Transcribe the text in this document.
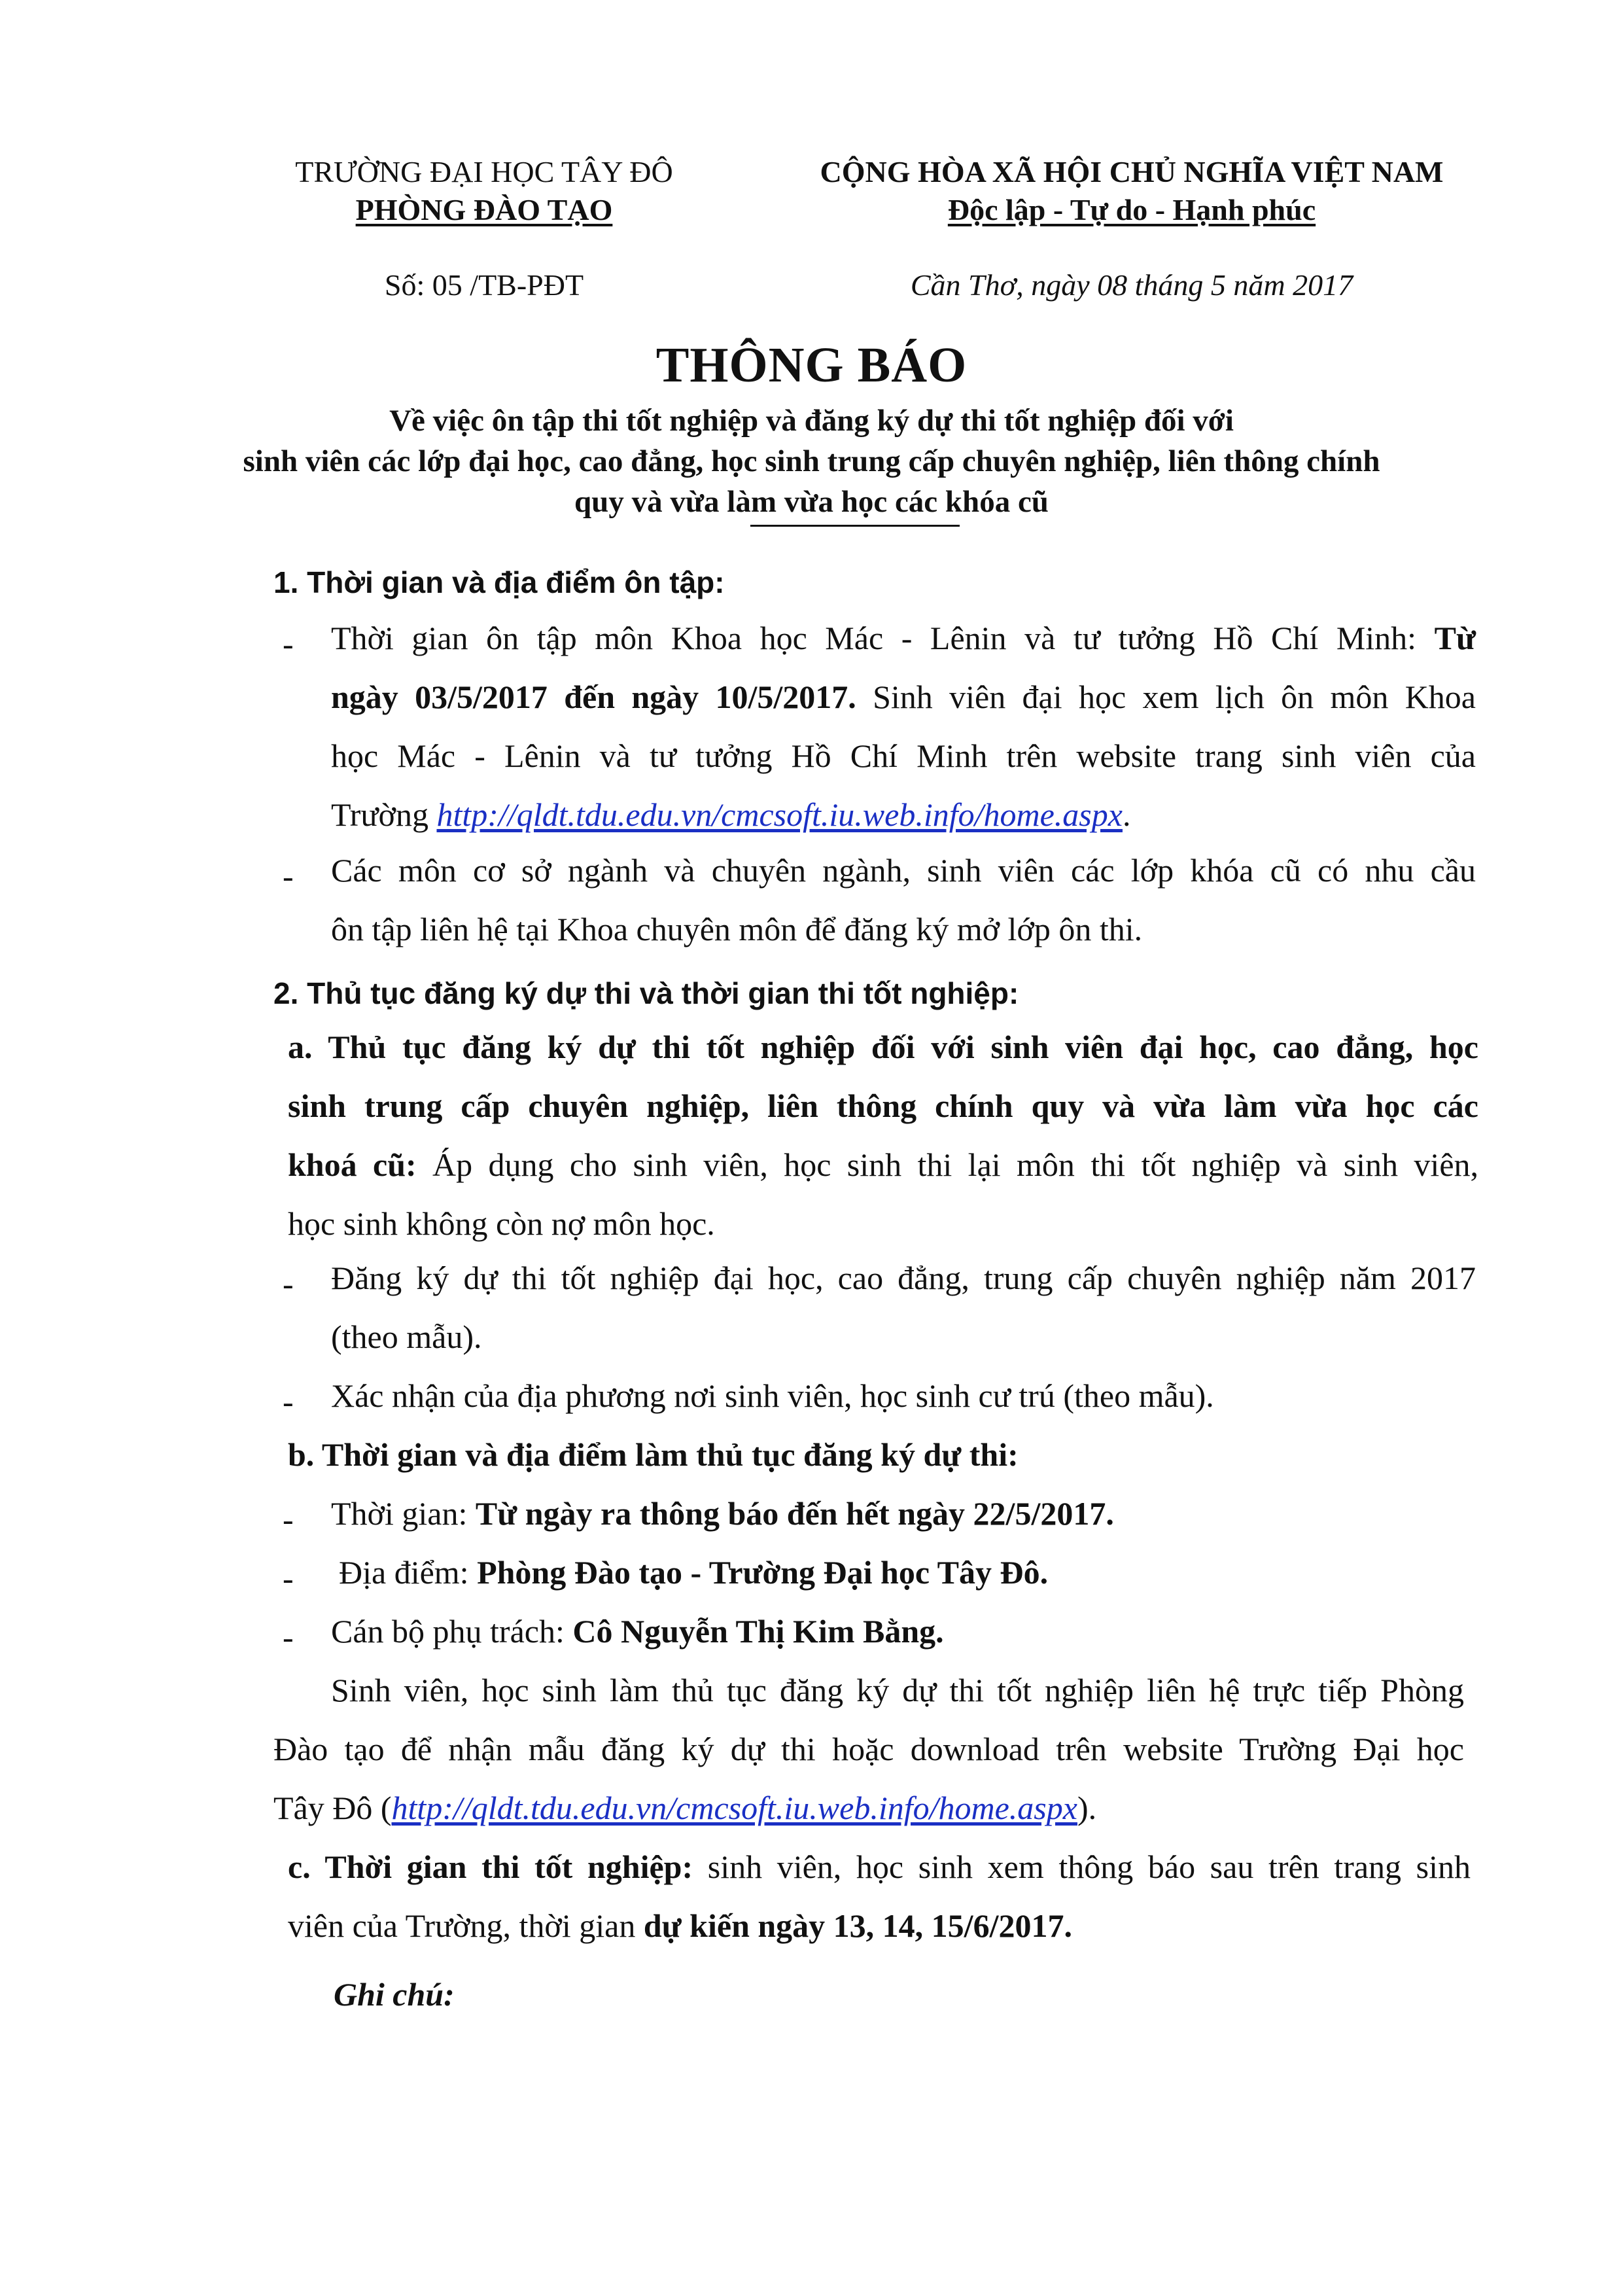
TRƯỜNG ĐẠI HỌC TÂY ĐÔ
PHÒNG ĐÀO TẠO
CỘNG HÒA XÃ HỘI CHỦ NGHĨA VIỆT NAM
Độc lập - Tự do - Hạnh phúc
Số: 05 /TB-PĐT	Cần Thơ, ngày 08 tháng 5 năm 2017
THÔNG BÁO
Về việc ôn tập thi tốt nghiệp và đăng ký dự thi tốt nghiệp đối với
sinh viên các lớp đại học, cao đẳng, học sinh trung cấp chuyên nghiệp, liên thông chính
quy và vừa làm vừa học các khóa cũ
1. Thời gian và địa điểm ôn tập:
- Thời gian ôn tập môn Khoa học Mác - Lênin và tư tưởng Hồ Chí Minh: Từ
ngày 03/5/2017 đến ngày 10/5/2017. Sinh viên đại học xem lịch ôn môn Khoa
học Mác - Lênin và tư tưởng Hồ Chí Minh trên website trang sinh viên của
Trường http://qldt.tdu.edu.vn/cmcsoft.iu.web.info/home.aspx.
- Các môn cơ sở ngành và chuyên ngành, sinh viên các lớp khóa cũ có nhu cầu
ôn tập liên hệ tại Khoa chuyên môn để đăng ký mở lớp ôn thi.
2. Thủ tục đăng ký dự thi và thời gian thi tốt nghiệp:
a. Thủ tục đăng ký dự thi tốt nghiệp đối với sinh viên đại học, cao đẳng, học
sinh trung cấp chuyên nghiệp, liên thông chính quy và vừa làm vừa học các
khoá cũ: Áp dụng cho sinh viên, học sinh thi lại môn thi tốt nghiệp và sinh viên,
học sinh không còn nợ môn học.
- Đăng ký dự thi tốt nghiệp đại học, cao đẳng, trung cấp chuyên nghiệp năm 2017
(theo mẫu).
- Xác nhận của địa phương nơi sinh viên, học sinh cư trú (theo mẫu).
b. Thời gian và địa điểm làm thủ tục đăng ký dự thi:
- Thời gian: Từ ngày ra thông báo đến hết ngày 22/5/2017.
- Địa điểm: Phòng Đào tạo - Trường Đại học Tây Đô.
- Cán bộ phụ trách: Cô Nguyễn Thị Kim Bằng.
Sinh viên, học sinh làm thủ tục đăng ký dự thi tốt nghiệp liên hệ trực tiếp Phòng
Đào tạo để nhận mẫu đăng ký dự thi hoặc download trên website Trường Đại học
Tây Đô (http://qldt.tdu.edu.vn/cmcsoft.iu.web.info/home.aspx).
c. Thời gian thi tốt nghiệp: sinh viên, học sinh xem thông báo sau trên trang sinh
viên của Trường, thời gian dự kiến ngày 13, 14, 15/6/2017.
Ghi chú:
